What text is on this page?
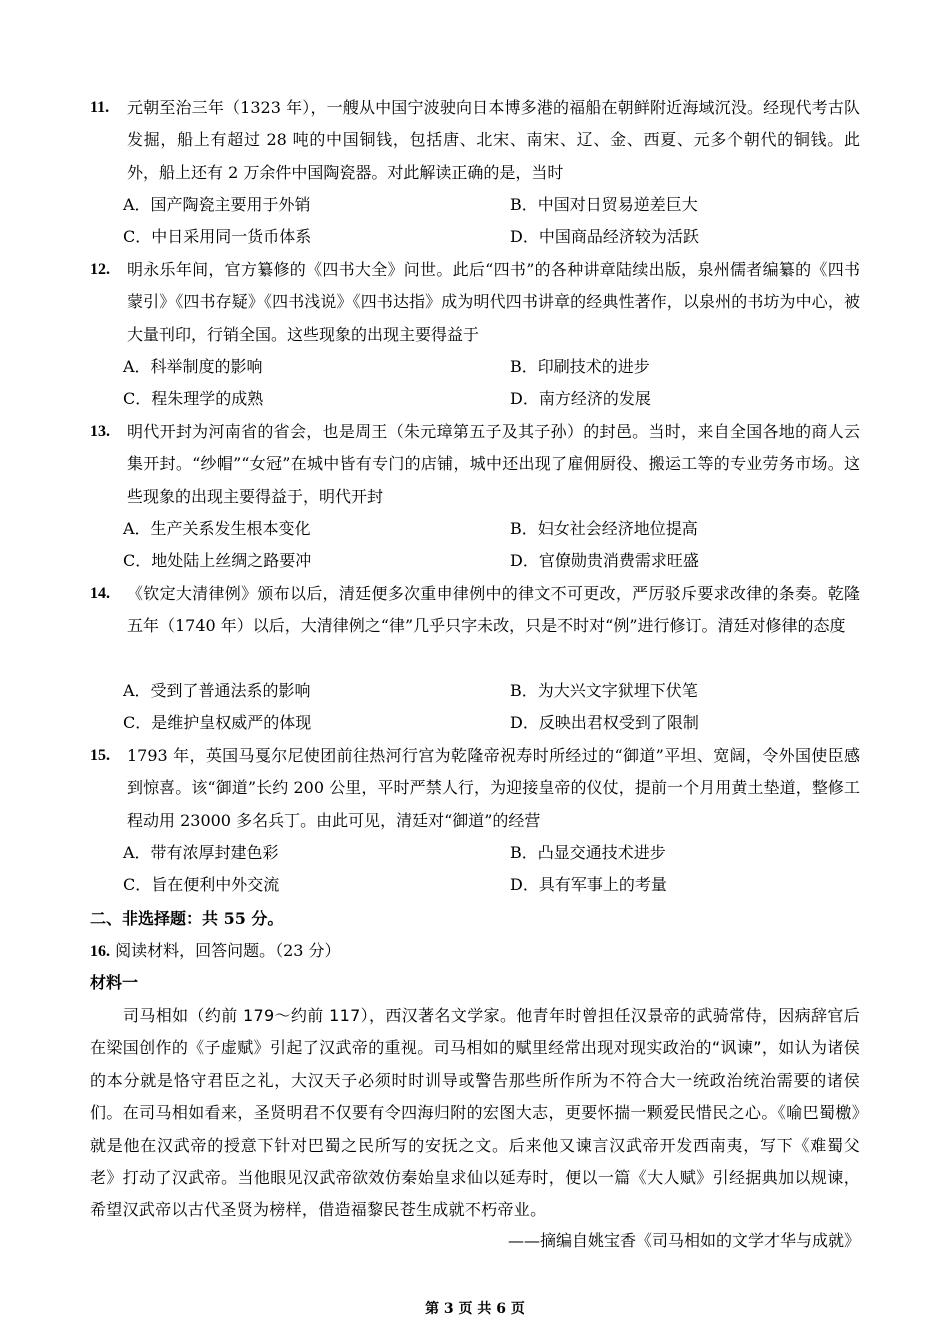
11. 元朝至治三年（1323 年），一艘从中国宁波驶向日本博多港的福船在朝鲜附近海域沉没。经现代考古队发掘，船上有超过 28 吨的中国铜钱，包括唐、北宋、南宋、辽、金、西夏、元多个朝代的铜钱。此外，船上还有 2 万余件中国陶瓷器。对此解读正确的是，当时
A．国产陶瓷主要用于外销	B．中国对日贸易逆差巨大
C．中日采用同一货币体系	D．中国商品经济较为活跃
12. 明永乐年间，官方纂修的《四书大全》问世。此后“四书”的各种讲章陆续出版，泉州儒者编纂的《四书蒙引》《四书存疑》《四书浅说》《四书达指》成为明代四书讲章的经典性著作，以泉州的书坊为中心，被大量刊印，行销全国。这些现象的出现主要得益于
A．科举制度的影响	B．印刷技术的进步
C．程朱理学的成熟	D．南方经济的发展
13. 明代开封为河南省的省会，也是周王（朱元璋第五子及其子孙）的封邑。当时，来自全国各地的商人云集开封。“纱帽”“女冠”在城中皆有专门的店铺，城中还出现了雇佣厨役、搬运工等的专业劳务市场。这些现象的出现主要得益于，明代开封
A．生产关系发生根本变化	B．妇女社会经济地位提高
C．地处陆上丝绸之路要冲	D．官僚勋贵消费需求旺盛
14. 《钦定大清律例》颁布以后，清廷便多次重申律例中的律文不可更改，严厉驳斥要求改律的条奏。乾隆五年（1740 年）以后，大清律例之“律”几乎只字未改，只是不时对“例”进行修订。清廷对修律的态度
A．受到了普通法系的影响	B．为大兴文字狱埋下伏笔
C．是维护皇权威严的体现	D．反映出君权受到了限制
15. 1793 年，英国马戛尔尼使团前往热河行宫为乾隆帝祝寿时所经过的“御道”平坦、宽阔，令外国使臣感到惊喜。该“御道”长约 200 公里，平时严禁人行，为迎接皇帝的仪仗，提前一个月用黄土垫道，整修工程动用 23000 多名兵丁。由此可见，清廷对“御道”的经营
A．带有浓厚封建色彩	B．凸显交通技术进步
C．旨在便利中外交流	D．具有军事上的考量
二、非选择题：共 55 分。
16. 阅读材料，回答问题。（23 分）
材料一
司马相如（约前 179～约前 117），西汉著名文学家。他青年时曾担任汉景帝的武骑常侍，因病辞官后在梁国创作的《子虚赋》引起了汉武帝的重视。司马相如的赋里经常出现对现实政治的“讽谏”，如认为诸侯的本分就是恪守君臣之礼，大汉天子必须时时训导或警告那些所作所为不符合大一统政治统治需要的诸侯们。在司马相如看来，圣贤明君不仅要有令四海归附的宏图大志，更要怀揣一颗爱民惜民之心。《喻巴蜀檄》就是他在汉武帝的授意下针对巴蜀之民所写的安抚之文。后来他又谏言汉武帝开发西南夷，写下《难蜀父老》打动了汉武帝。当他眼见汉武帝欲效仿秦始皇求仙以延寿时，便以一篇《大人赋》引经据典加以规谏，希望汉武帝以古代圣贤为榜样，借造福黎民苍生成就不朽帝业。
——摘编自姚宝香《司马相如的文学才华与成就》
第 3 页 共 6 页
